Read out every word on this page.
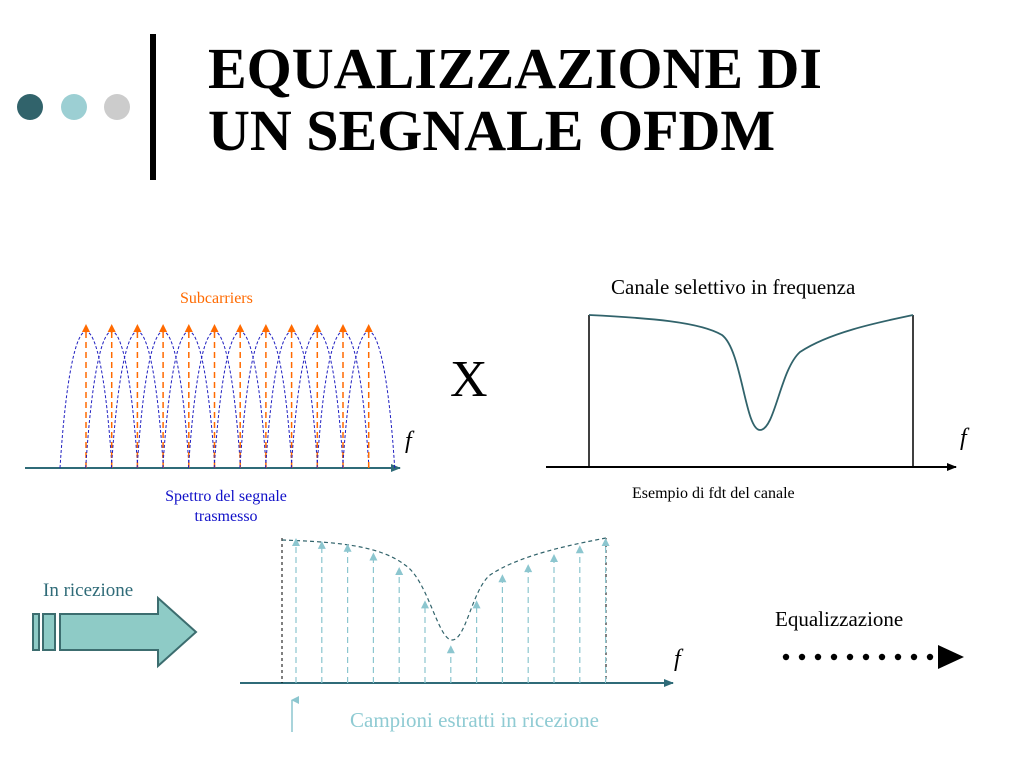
EQUALIZZAZIONE DI
UN SEGNALE OFDM
Subcarriers
Spettro del segnale trasmesso
f
X
Canale selettivo in frequenza
Esempio di fdt del canale
f
In ricezione
f
Equalizzazione
Campioni estratti in ricezione
